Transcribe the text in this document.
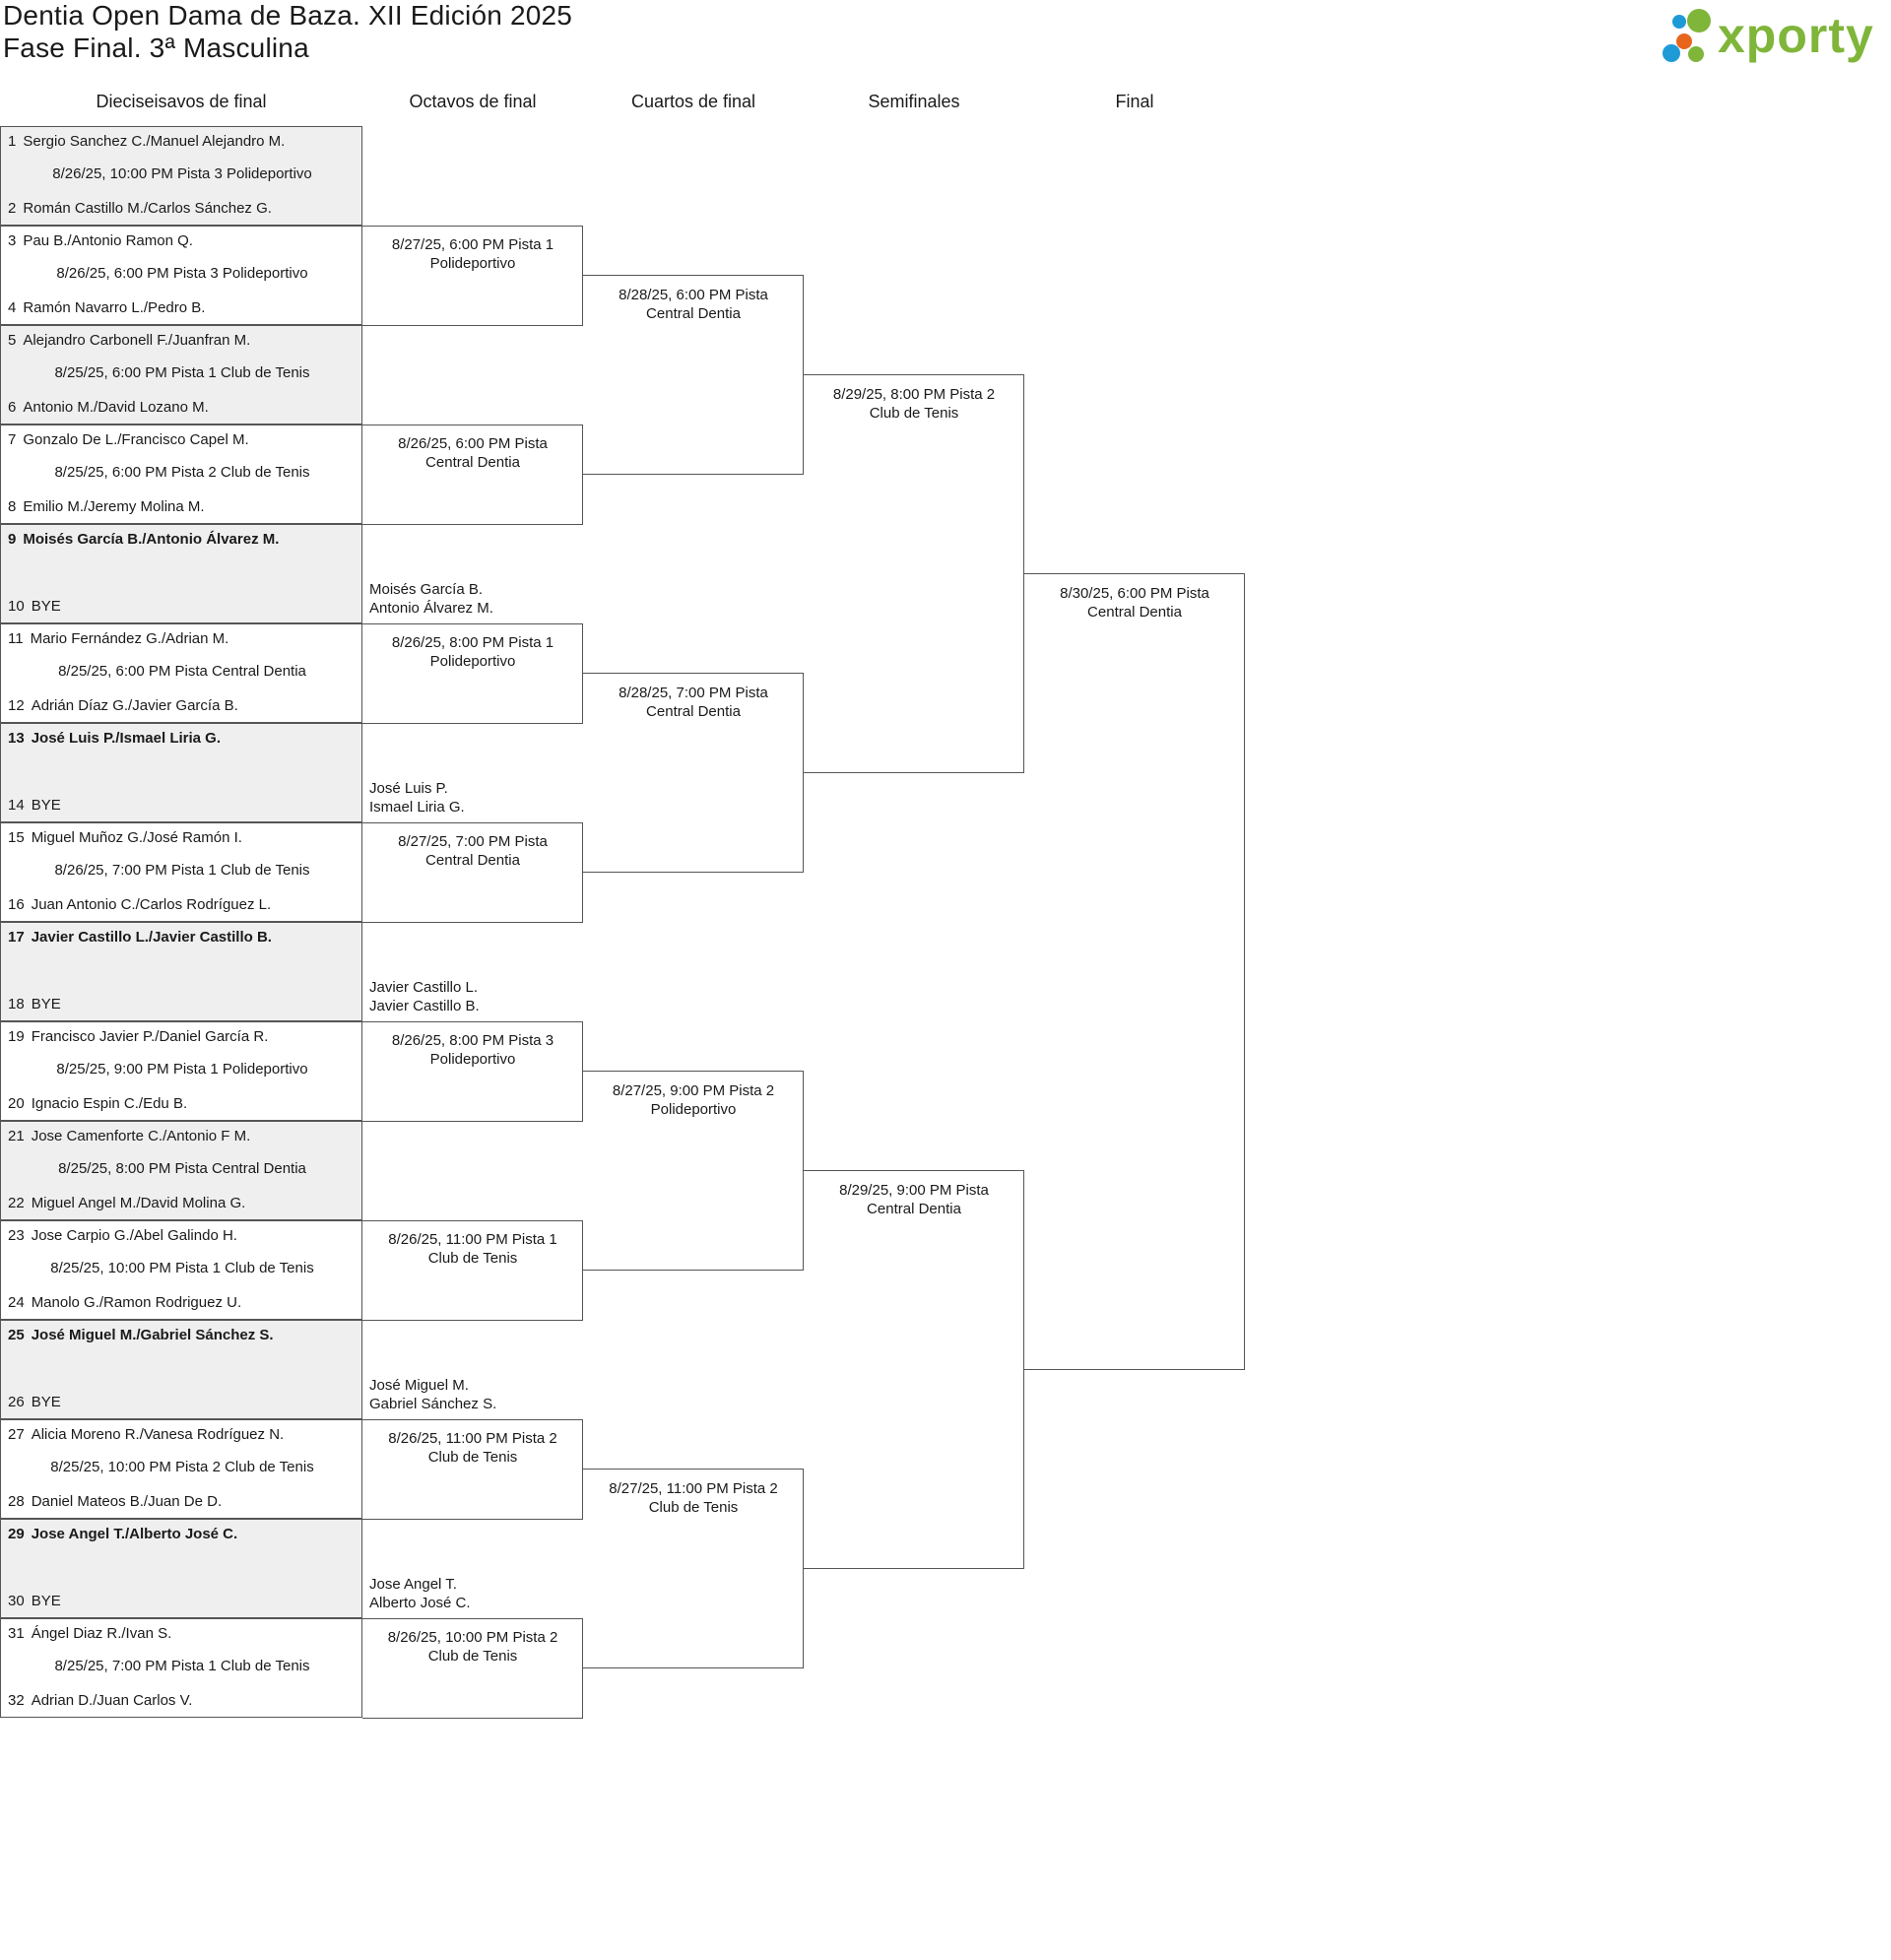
Dentia Open Dama de Baza. XII Edición 2025
Fase Final. 3ª Masculina	xporty
Dieciseisavos de final	Octavos de final	Cuartos de final	Semifinales	Final
1 Sergio Sanchez C./Manuel Alejandro M.
8/26/25, 10:00 PM Pista 3 Polideportivo
2 Román Castillo M./Carlos Sánchez G.
3 Pau B./Antonio Ramon Q.
8/26/25, 6:00 PM Pista 3 Polideportivo
4 Ramón Navarro L./Pedro B.
5 Alejandro Carbonell F./Juanfran M.
8/25/25, 6:00 PM Pista 1 Club de Tenis
6 Antonio M./David Lozano M.
7 Gonzalo De L./Francisco Capel M.
8/25/25, 6:00 PM Pista 2 Club de Tenis
8 Emilio M./Jeremy Molina M.
9 Moisés García B./Antonio Álvarez M.
10 BYE
11 Mario Fernández G./Adrian M.
8/25/25, 6:00 PM Pista Central Dentia
12 Adrián Díaz G./Javier García B.
13 José Luis P./Ismael Liria G.
14 BYE
15 Miguel Muñoz G./José Ramón I.
8/26/25, 7:00 PM Pista 1 Club de Tenis
16 Juan Antonio C./Carlos Rodríguez L.
17 Javier Castillo L./Javier Castillo B.
18 BYE
19 Francisco Javier P./Daniel García R.
8/25/25, 9:00 PM Pista 1 Polideportivo
20 Ignacio Espin C./Edu B.
21 Jose Camenforte C./Antonio F M.
8/25/25, 8:00 PM Pista Central Dentia
22 Miguel Angel M./David Molina G.
23 Jose Carpio G./Abel Galindo H.
8/25/25, 10:00 PM Pista 1 Club de Tenis
24 Manolo G./Ramon Rodriguez U.
25 José Miguel M./Gabriel Sánchez S.
26 BYE
27 Alicia Moreno R./Vanesa Rodríguez N.
8/25/25, 10:00 PM Pista 2 Club de Tenis
28 Daniel Mateos B./Juan De D.
29 Jose Angel T./Alberto José C.
30 BYE
31 Ángel Diaz R./Ivan S.
8/25/25, 7:00 PM Pista 1 Club de Tenis
32 Adrian D./Juan Carlos V.
8/27/25, 6:00 PM Pista 1 Polideportivo
8/26/25, 6:00 PM Pista Central Dentia
8/26/25, 8:00 PM Pista 1 Polideportivo
Moisés García B.
Antonio Álvarez M.
8/27/25, 7:00 PM Pista Central Dentia
José Luis P.
Ismael Liria G.
8/26/25, 8:00 PM Pista 3 Polideportivo
Javier Castillo L.
Javier Castillo B.
8/26/25, 11:00 PM Pista 1 Club de Tenis
8/26/25, 11:00 PM Pista 2 Club de Tenis
José Miguel M.
Gabriel Sánchez S.
8/26/25, 10:00 PM Pista 2 Club de Tenis
Jose Angel T.
Alberto José C.
8/28/25, 6:00 PM Pista Central Dentia
8/28/25, 7:00 PM Pista Central Dentia
8/27/25, 9:00 PM Pista 2 Polideportivo
8/27/25, 11:00 PM Pista 2 Club de Tenis
8/29/25, 8:00 PM Pista 2 Club de Tenis
8/29/25, 9:00 PM Pista Central Dentia
8/30/25, 6:00 PM Pista Central Dentia
